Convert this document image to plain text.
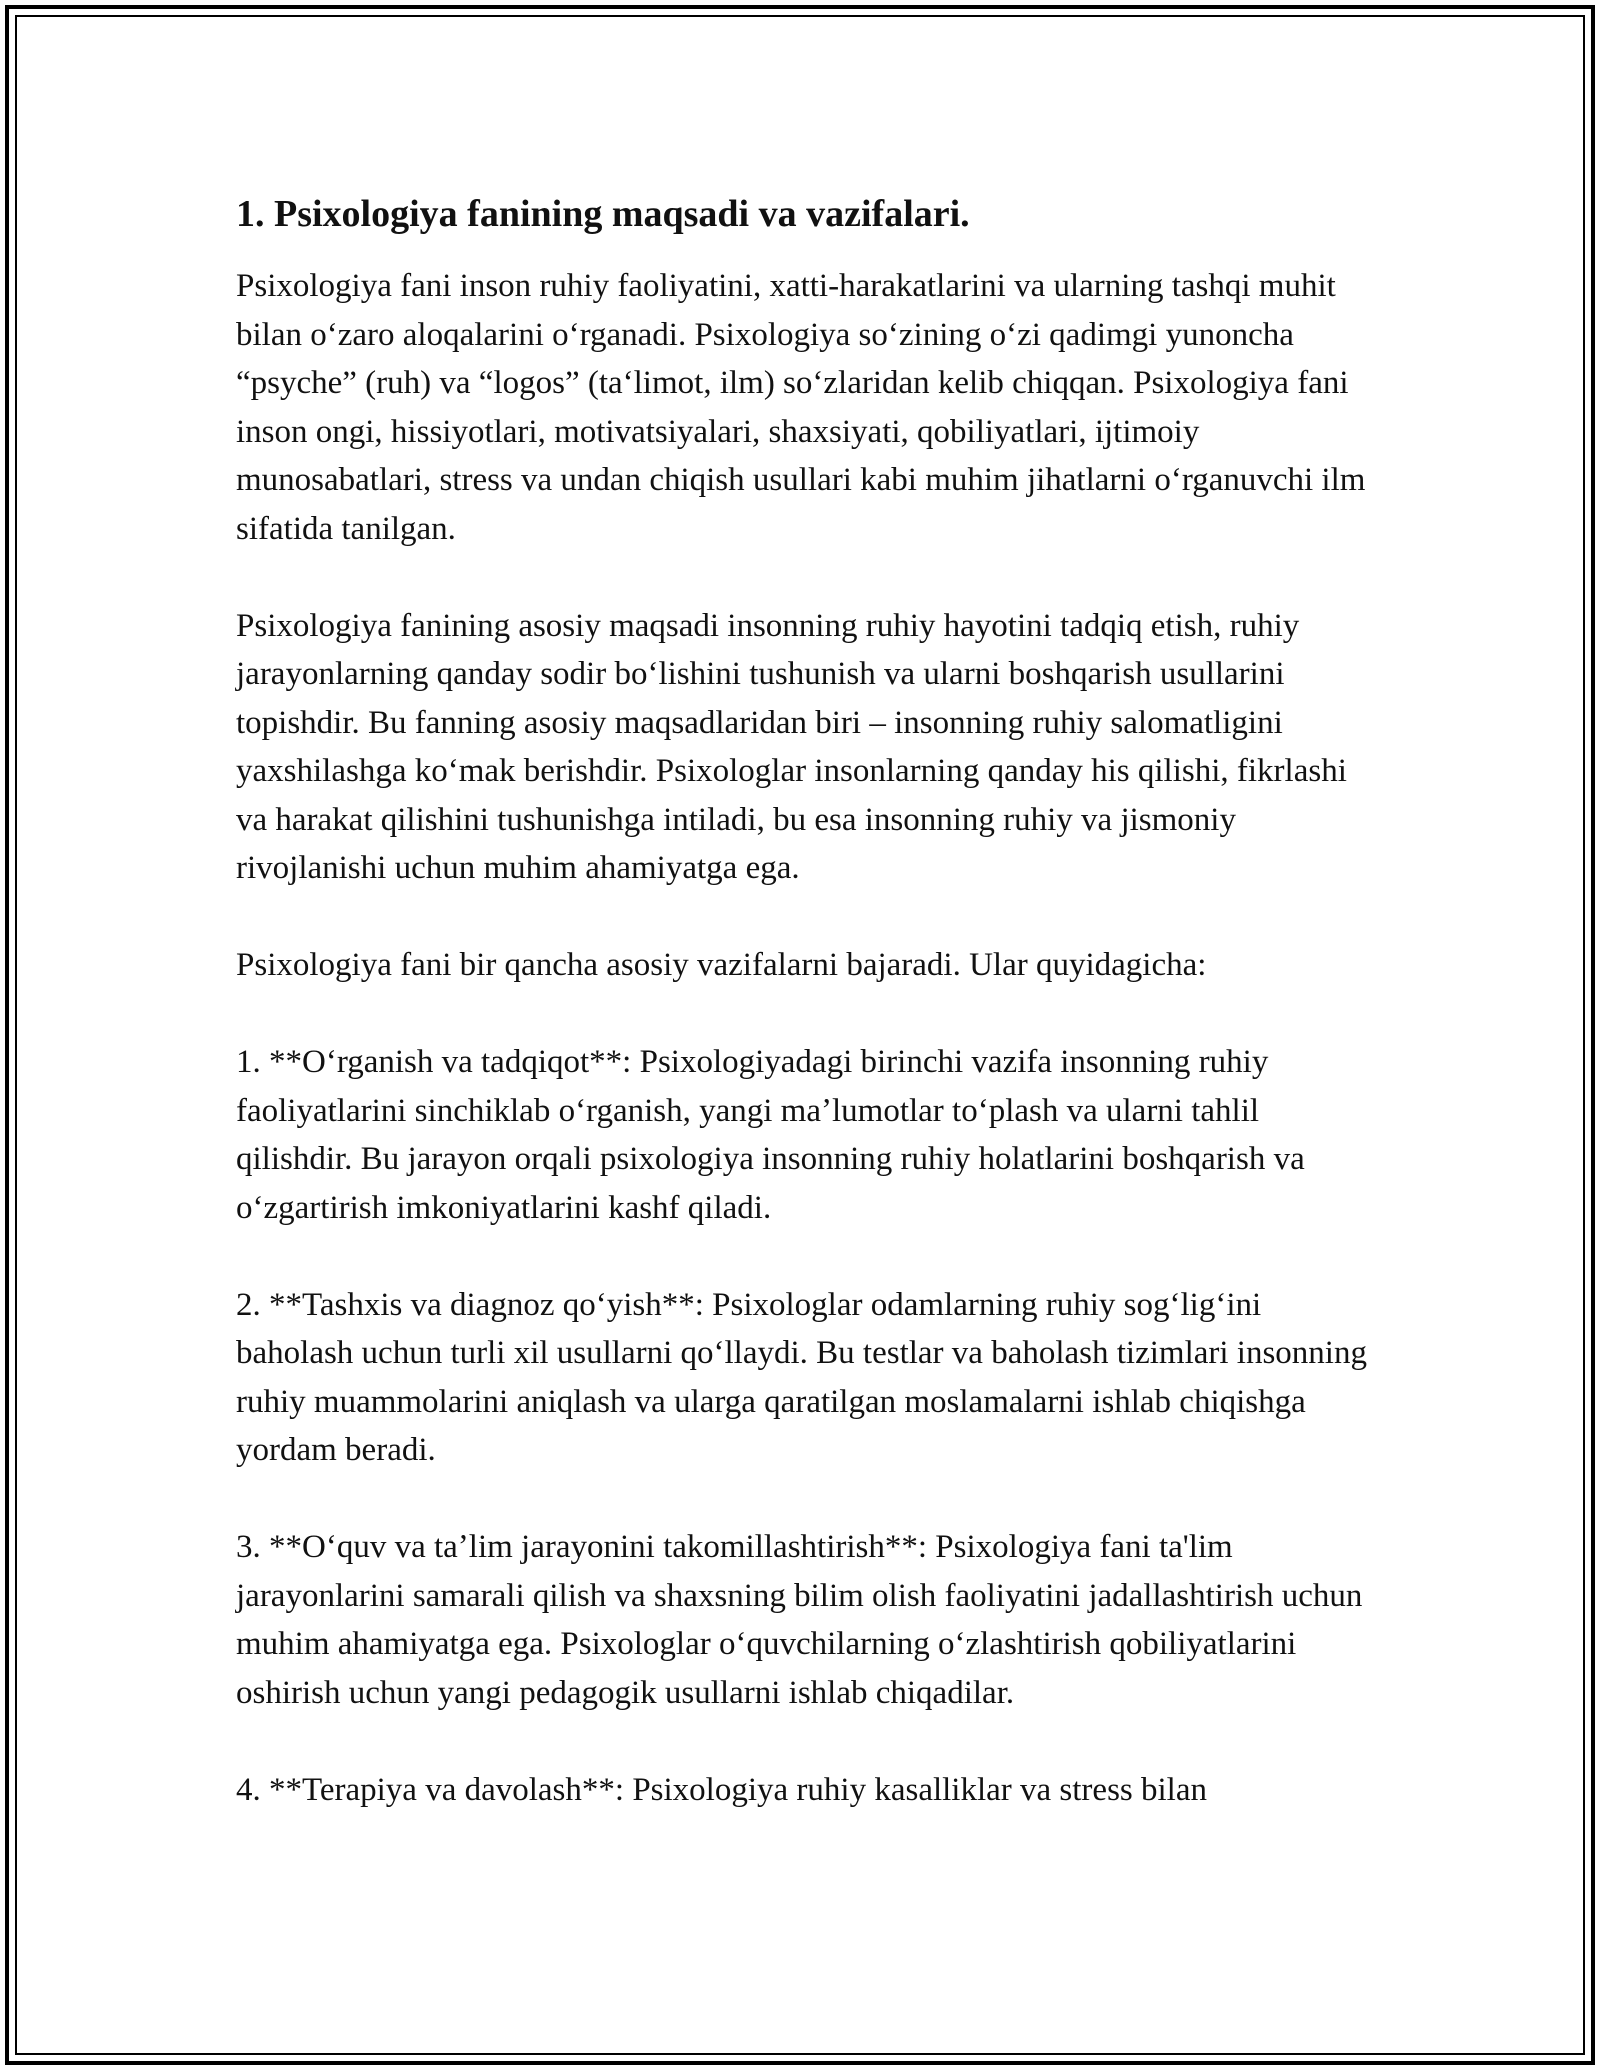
1. Psixologiya fanining maqsadi va vazifalari.

Psixologiya fani inson ruhiy faoliyatini, xatti-harakatlarini va ularning tashqi muhit bilan oʻzaro aloqalarini oʻrganadi. Psixologiya soʻzining oʻzi qadimgi yunoncha “psyche” (ruh) va “logos” (taʻlimot, ilm) soʻzlaridan kelib chiqqan. Psixologiya fani inson ongi, hissiyotlari, motivatsiyalari, shaxsiyati, qobiliyatlari, ijtimoiy munosabatlari, stress va undan chiqish usullari kabi muhim jihatlarni oʻrganuvchi ilm sifatida tanilgan.

Psixologiya fanining asosiy maqsadi insonning ruhiy hayotini tadqiq etish, ruhiy jarayonlarning qanday sodir boʻlishini tushunish va ularni boshqarish usullarini topishdir. Bu fanning asosiy maqsadlaridan biri – insonning ruhiy salomatligini yaxshilashga koʻmak berishdir. Psixologlar insonlarning qanday his qilishi, fikrlashi va harakat qilishini tushunishga intiladi, bu esa insonning ruhiy va jismoniy rivojlanishi uchun muhim ahamiyatga ega.

Psixologiya fani bir qancha asosiy vazifalarni bajaradi. Ular quyidagicha:

1. **Oʻrganish va tadqiqot**: Psixologiyadagi birinchi vazifa insonning ruhiy faoliyatlarini sinchiklab oʻrganish, yangi maʼlumotlar toʻplash va ularni tahlil qilishdir. Bu jarayon orqali psixologiya insonning ruhiy holatlarini boshqarish va oʻzgartirish imkoniyatlarini kashf qiladi.

2. **Tashxis va diagnoz qoʻyish**: Psixologlar odamlarning ruhiy sogʻligʻini baholash uchun turli xil usullarni qoʻllaydi. Bu testlar va baholash tizimlari insonning ruhiy muammolarini aniqlash va ularga qaratilgan moslamalarni ishlab chiqishga yordam beradi.

3. **Oʻquv va taʼlim jarayonini takomillashtirish**: Psixologiya fani ta'lim jarayonlarini samarali qilish va shaxsning bilim olish faoliyatini jadallashtirish uchun muhim ahamiyatga ega. Psixologlar oʻquvchilarning oʻzlashtirish qobiliyatlarini oshirish uchun yangi pedagogik usullarni ishlab chiqadilar.

4. **Terapiya va davolash**: Psixologiya ruhiy kasalliklar va stress bilan
